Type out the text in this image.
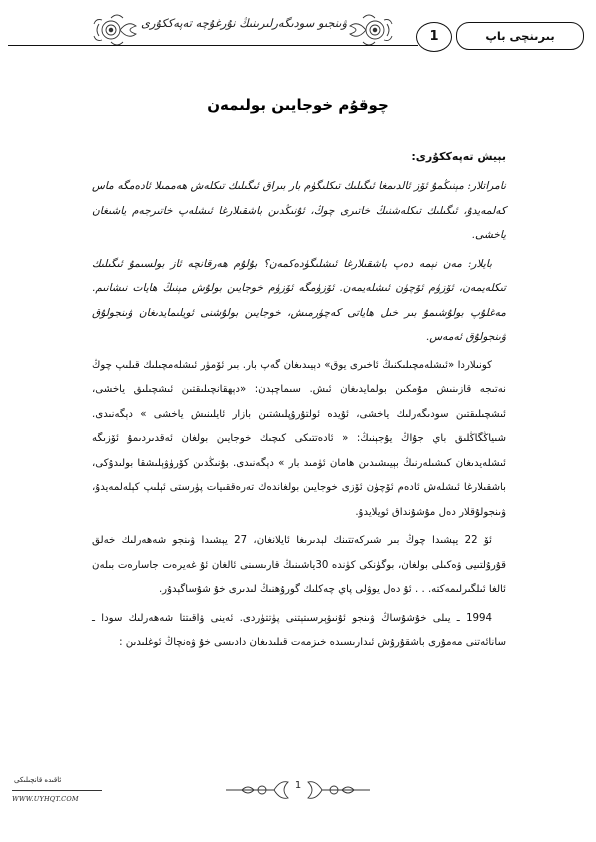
ۋىنجىو سودىگەرلىرىنىڭ نۇرغۇچە تەپەككۇرى
1	بىرىنچى باپ
چوقۇم خوجايىن بولىمەن
بېيش تەپەككۇرى:
نامراتلار: مېنىڭمۇ ئۆز ئالدىمغا ئىگىلىك تىكلىگۈم بار بىراق ئىگىلىك تىكلەش ھەممىلا ئادەمگە ماس كەلمەيدۇ، ئىگىلىك تىكلەشنىڭ خاتىرى چوڭ، ئۇنىڭدىن باشقىلارغا ئىشلەپ خاتىرجەم ياشىغان ياخشى.
بايلار: مەن نېمە دەپ باشقىلارغا ئىشلىگۈدەكمەن؟ بۇلۇم ھەرقانچە ئاز بولسىمۇ ئىگىلىك تىكلەيمەن، ئۆزۈم ئۆچۈن ئىشلەيمەن. ئۆزۈمگە ئۆزۈم خوجايىن بولۇش مېنىڭ ھايات نىشانىم. مەغلۇپ بولۇشىمۇ بىر خىل ھاياتى كەچۈرمىش، خوجايىن بولۇشنى ئويلىمايدىغان ۋىنجولۇق ۋىنجولۇق ئەمەس.
كونىلاردا «ئىشلەمچىلىكنىڭ ئاخىرى يوق» دېيىدىغان گەپ بار. بىر ئۆمۈر ئىشلەمچىلىك قىلىپ چوڭ نەتىجە قازىنىش مۇمكىن بولمايدىغان ئىش. سىماچېدن: «دېھقانچىلىقتىن ئىشچىلىق ياخشى، ئىشچىلىقتىن سودىگەرلىك ياخشى، ئۇيدە ئولتۇرۇپلىشتىن بازار ئايلىنىش ياخشى » دېگەنىدى. شىياڭگاڭلىق باي جۇاڭ يۇجېنىڭ: « ئادەتتىكى كىچىك خوجايىن بولغان ئەقدىردىمۇ ئۆزىگە ئىشلەيدىغان كىشىلەرنىڭ بېيىشىدىن ھامان ئۈمىد بار » دېگەنىدى. بۇنىڭدىن كۆرۈۋېلىشقا بولىدۇكى، باشقىلارغا ئىشلەش ئادەم ئۆچۈن ئۆزى خوجايىن بولغاندەك تەرەققىيات پۈرستى ئېلىپ كېلەلمەيدۇ، ۋىنجولۇقلار دەل مۇشۇنداق ئويلايدۇ.
ئۆ 22 يېشىدا چوڭ بىر شىركەتتىنك لېدىرىغا ئايلانغان، 27 يېشىدا ۋىنجو شەھەرلىك خەلق قۇرۇلتىيى ۋەكىلى بولغان، بوگۈنكى كۈندە 30ياشىنىڭ قارىسىنى ئالغان ئۇ غەيرەت جاسارەت بىلەن ئالغا ئىلگىرلىمەكتە. . . ئۇ دەل يوۋلى پاي چەكلىك گورۇھنىڭ لىدىرى خۇ شۇساگېدۇر.
1994 ـ يىلى خۇشۇساڭ ۋىنجو ئۇنىۋېرسىتېتنى پۈتتۈردى. ئەينى ۋاقىتتا شەھەرلىك سودا ـ سانائەتنى مەمۇرى باشقۇرۇش ئىدارىسىدە خىزمەت قىلىدىغان دادىسى خۇ ۋەنچاڭ ئوغلىدىن :
ئاقىدە قانچىلىكى
WWW.UYHQT.COM
1
